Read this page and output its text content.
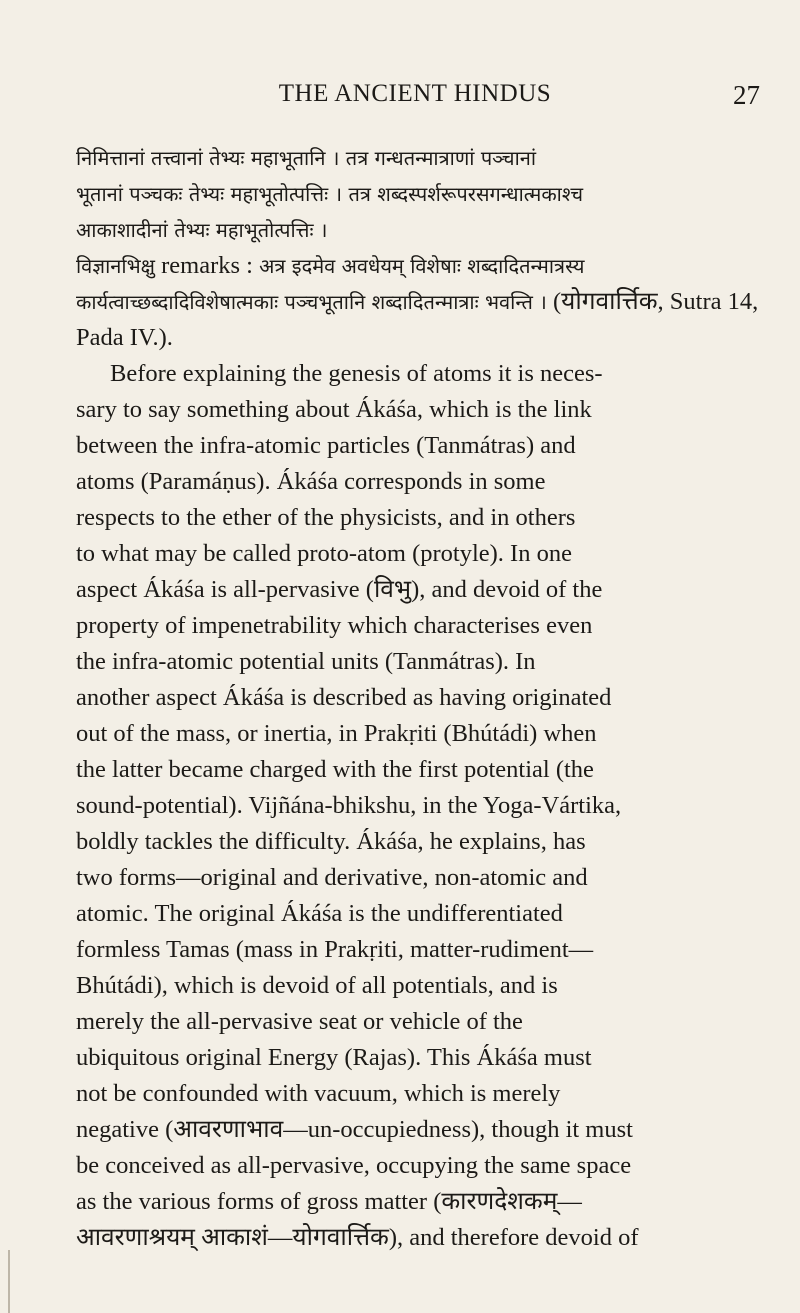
THE ANCIENT HINDUS	27
निमित्तानां तत्त्वानां तेभ्यः महाभूतानि । तत्र गन्धतन्मात्राणां पञ्चानां
भूतानां पञ्चकः तेभ्यः महाभूतोत्पत्तिः । तत्र शब्दस्पर्शरूपरसगन्धात्मकाश्च
आकाशादीनां तेभ्यः महाभूतोत्पत्तिः ।
विज्ञानभिक्षु remarks : अत्र इदमेव अवधेयम् विशेषाः शब्दादितन्मात्रस्य
कार्यत्वाच्छब्दादिविशेषात्मकाः पञ्चभूतानि शब्दादितन्मात्राः भवन्ति । (योगवार्त्तिक, Sutra 14,
Pada IV.).
Before explaining the genesis of atoms it is neces-
sary to say something about Ákáśa, which is the link
between the infra-atomic particles (Tanmátras) and
atoms (Paramáṇus). Ákáśa corresponds in some
respects to the ether of the physicists, and in others
to what may be called proto-atom (protyle). In one
aspect Ákáśa is all-pervasive (विभु), and devoid of the
property of impenetrability which characterises even
the infra-atomic potential units (Tanmátras). In
another aspect Ákáśa is described as having originated
out of the mass, or inertia, in Prakṛiti (Bhútádi) when
the latter became charged with the first potential (the
sound-potential). Vijñána-bhikshu, in the Yoga-Vártika,
boldly tackles the difficulty. Ákáśa, he explains, has
two forms—original and derivative, non-atomic and
atomic. The original Ákáśa is the undifferentiated
formless Tamas (mass in Prakṛiti, matter-rudiment—
Bhútádi), which is devoid of all potentials, and is
merely the all-pervasive seat or vehicle of the
ubiquitous original Energy (Rajas). This Ákáśa must
not be confounded with vacuum, which is merely
negative (आवरणाभाव—un-occupiedness), though it must
be conceived as all-pervasive, occupying the same space
as the various forms of gross matter (कारणदेशकम्—
आवरणाश्रयम् आकाशं—योगवार्त्तिक), and therefore devoid of
